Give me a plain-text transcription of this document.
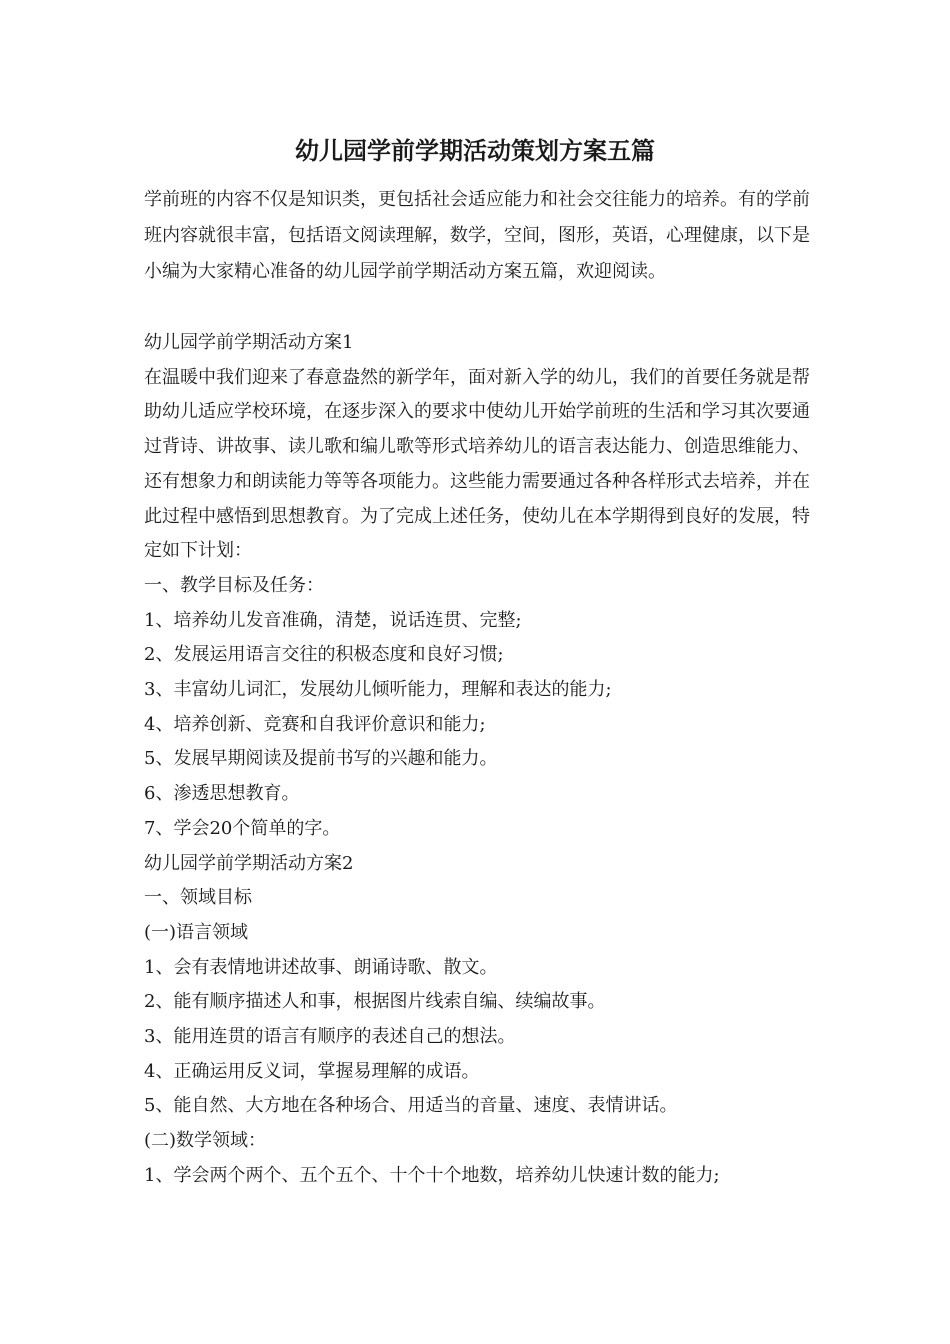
幼儿园学前学期活动策划方案五篇

学前班的内容不仅是知识类，更包括社会适应能力和社会交往能力的培养。有的学前班内容就很丰富，包括语文阅读理解，数学，空间，图形，英语，心理健康，以下是小编为大家精心准备的幼儿园学前学期活动方案五篇，欢迎阅读。

幼儿园学前学期活动方案1

在温暖中我们迎来了春意盎然的新学年，面对新入学的幼儿，我们的首要任务就是帮助幼儿适应学校环境，在逐步深入的要求中使幼儿开始学前班的生活和学习其次要通过背诗、讲故事、读儿歌和编儿歌等形式培养幼儿的语言表达能力、创造思维能力、还有想象力和朗读能力等等各项能力。这些能力需要通过各种各样形式去培养，并在此过程中感悟到思想教育。为了完成上述任务，使幼儿在本学期得到良好的发展，特定如下计划：

一、教学目标及任务：
1、培养幼儿发音准确，清楚，说话连贯、完整;
2、发展运用语言交往的积极态度和良好习惯;
3、丰富幼儿词汇，发展幼儿倾听能力，理解和表达的能力;
4、培养创新、竞赛和自我评价意识和能力;
5、发展早期阅读及提前书写的兴趣和能力。
6、渗透思想教育。
7、学会20个简单的字。
幼儿园学前学期活动方案2
一、领域目标
(一)语言领域
1、会有表情地讲述故事、朗诵诗歌、散文。
2、能有顺序描述人和事，根据图片线索自编、续编故事。
3、能用连贯的语言有顺序的表述自己的想法。
4、正确运用反义词，掌握易理解的成语。
5、能自然、大方地在各种场合、用适当的音量、速度、表情讲话。
(二)数学领域：
1、学会两个两个、五个五个、十个十个地数，培养幼儿快速计数的能力;
